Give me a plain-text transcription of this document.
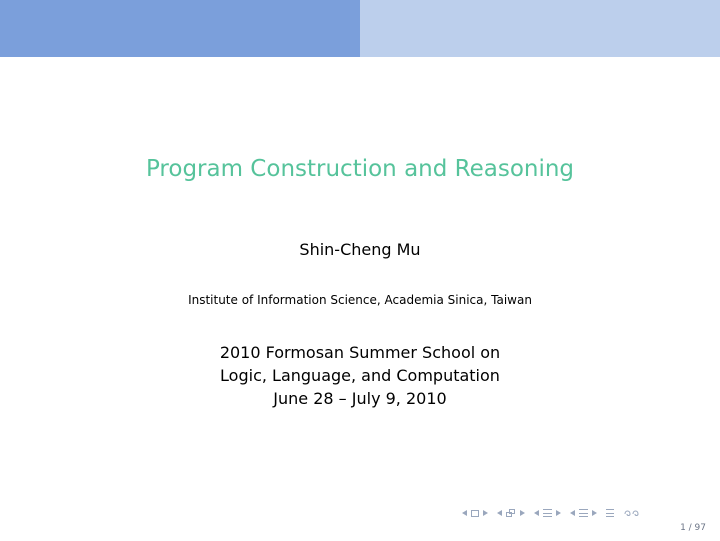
Program Construction and Reasoning
Shin-Cheng Mu
Institute of Information Science, Academia Sinica, Taiwan
2010 Formosan Summer School on
Logic, Language, and Computation
June 28 – July 9, 2010
1 / 97
